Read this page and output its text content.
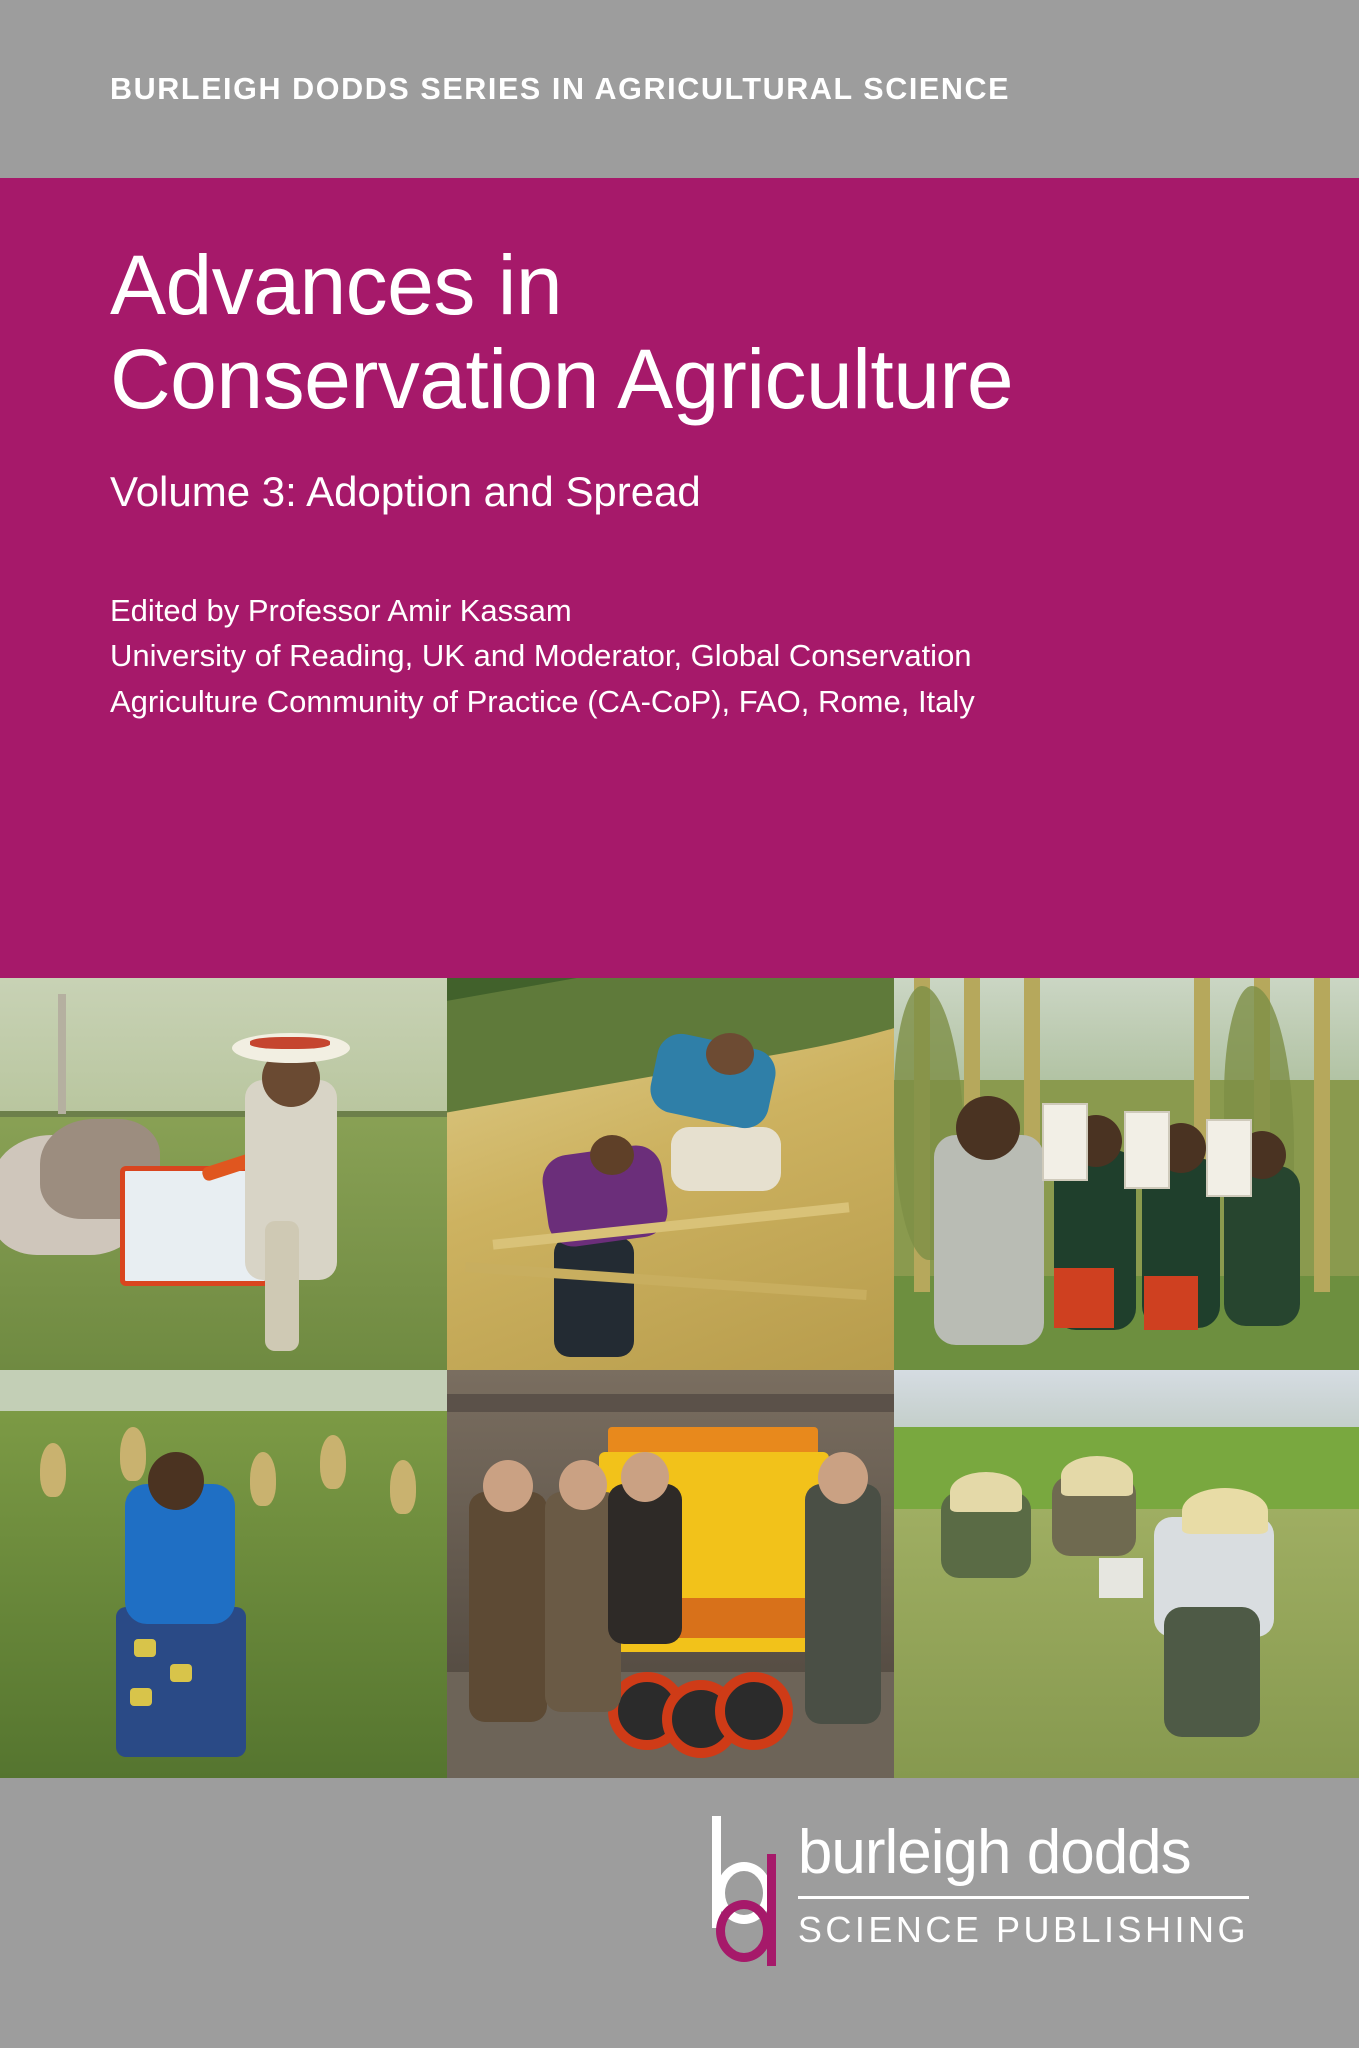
BURLEIGH DODDS SERIES IN AGRICULTURAL SCIENCE
Advances in
Conservation Agriculture
Volume 3: Adoption and Spread
Edited by Professor Amir Kassam
University of Reading, UK and Moderator, Global Conservation
Agriculture Community of Practice (CA-CoP), FAO, Rome, Italy
burleigh dodds
SCIENCE PUBLISHING
